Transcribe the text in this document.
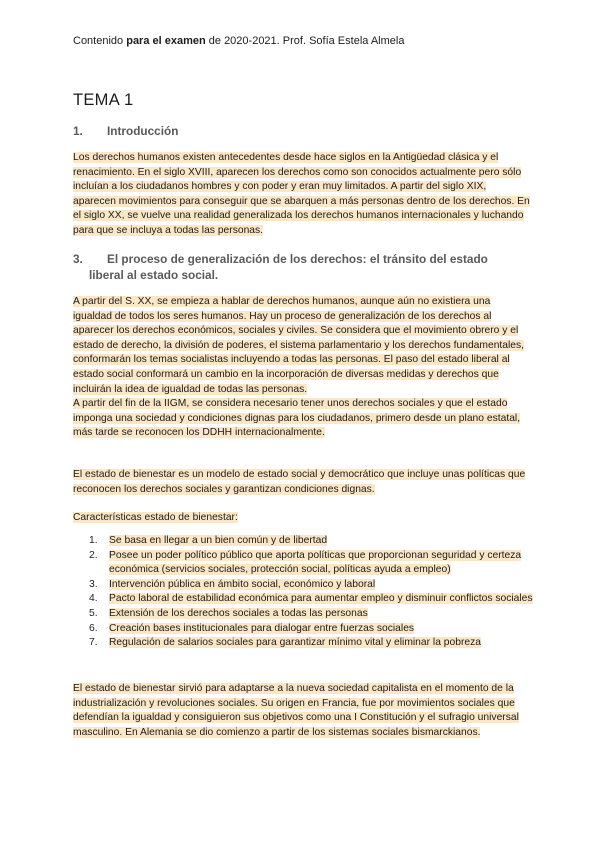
Contenido para el examen de 2020-2021. Prof. Sofía Estela Almela
TEMA 1
1. Introducción
Los derechos humanos existen antecedentes desde hace siglos en la Antigüedad clásica y el renacimiento. En el siglo XVIII, aparecen los derechos como son conocidos actualmente pero sólo incluían a los ciudadanos hombres y con poder y eran muy limitados. A partir del siglo XIX, aparecen movimientos para conseguir que se abarquen a más personas dentro de los derechos. En el siglo XX, se vuelve una realidad generalizada los derechos humanos internacionales y luchando para que se incluya a todas las personas.
3. El proceso de generalización de los derechos: el tránsito del estado
liberal al estado social.
A partir del S. XX, se empieza a hablar de derechos humanos, aunque aún no existiera una igualdad de todos los seres humanos. Hay un proceso de generalización de los derechos al aparecer los derechos económicos, sociales y civiles. Se considera que el movimiento obrero y el estado de derecho, la división de poderes, el sistema parlamentario y los derechos fundamentales, conformarán los temas socialistas incluyendo a todas las personas. El paso del estado liberal al estado social conformará un cambio en la incorporación de diversas medidas y derechos que incluirán la idea de igualdad de todas las personas.
A partir del fin de la IIGM, se considera necesario tener unos derechos sociales y que el estado imponga una sociedad y condiciones dignas para los ciudadanos, primero desde un plano estatal, más tarde se reconocen los DDHH internacionalmente.
El estado de bienestar es un modelo de estado social y democrático que incluye unas políticas que reconocen los derechos sociales y garantizan condiciones dignas.
Características estado de bienestar:
1. Se basa en llegar a un bien común y de libertad
2. Posee un poder político público que aporta políticas que proporcionan seguridad y certeza económica (servicios sociales, protección social, políticas ayuda a empleo)
3. Intervención pública en ámbito social, económico y laboral
4. Pacto laboral de estabilidad económica para aumentar empleo y disminuir conflictos sociales
5. Extensión de los derechos sociales a todas las personas
6. Creación bases institucionales para dialogar entre fuerzas sociales
7. Regulación de salarios sociales para garantizar mínimo vital y eliminar la pobreza
El estado de bienestar sirvió para adaptarse a la nueva sociedad capitalista en el momento de la industrialización y revoluciones sociales. Su origen en Francia, fue por movimientos sociales que defendían la igualdad y consiguieron sus objetivos como una I Constitución y el sufragio universal masculino. En Alemania se dio comienzo a partir de los sistemas sociales bismarckianos.
